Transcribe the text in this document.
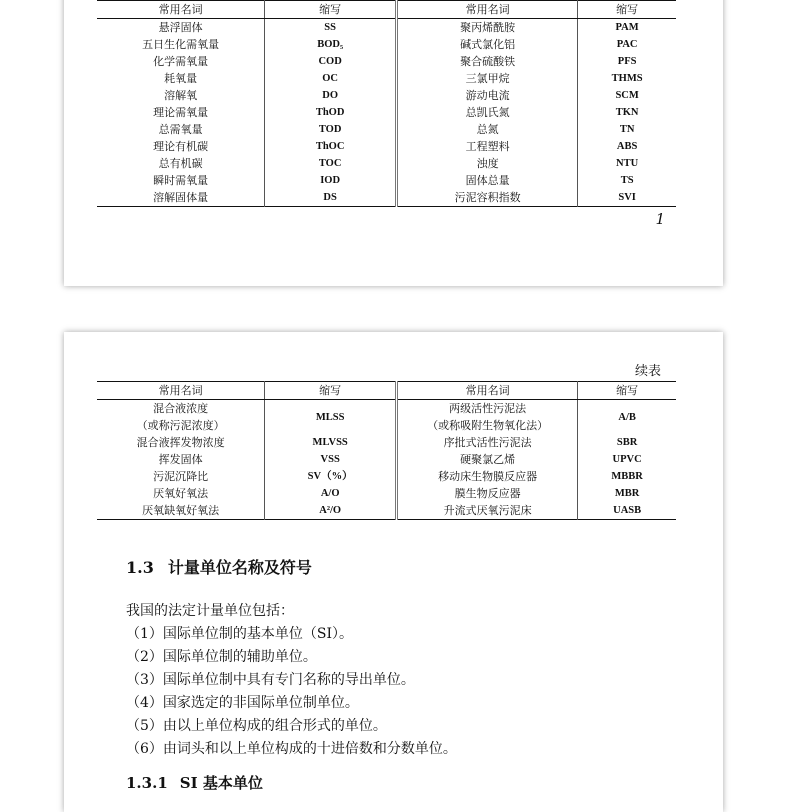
常用名词	缩写	常用名词	缩写
悬浮固体	SS	聚丙烯酰胺	PAM
五日生化需氧量	BOD₅	碱式氯化铝	PAC
化学需氧量	COD	聚合硫酸铁	PFS
耗氧量	OC	三氯甲烷	THMS
溶解氧	DO	游动电流	SCM
理论需氧量	ThOD	总凯氏氮	TKN
总需氧量	TOD	总氮	TN
理论有机碳	ThOC	工程塑料	ABS
总有机碳	TOC	浊度	NTU
瞬时需氧量	IOD	固体总量	TS
溶解固体量	DS	污泥容积指数	SVI
1
续表
常用名词	缩写	常用名词	缩写
混合液浓度	MLSS	两级活性污泥法	A/B
（或称污泥浓度）		（或称吸附生物氧化法）	
混合液挥发物浓度	MLVSS	序批式活性污泥法	SBR
挥发固体	VSS	硬聚氯乙烯	UPVC
污泥沉降比	SV（%）	移动床生物膜反应器	MBBR
厌氧好氧法	A/O	膜生物反应器	MBR
厌氧缺氧好氧法	A²/O	升流式厌氧污泥床	UASB
1.3 计量单位名称及符号
我国的法定计量单位包括：
（1）国际单位制的基本单位（SI）。
（2）国际单位制的辅助单位。
（3）国际单位制中具有专门名称的导出单位。
（4）国家选定的非国际单位制单位。
（5）由以上单位构成的组合形式的单位。
（6）由词头和以上单位构成的十进倍数和分数单位。
1.3.1 SI 基本单位
